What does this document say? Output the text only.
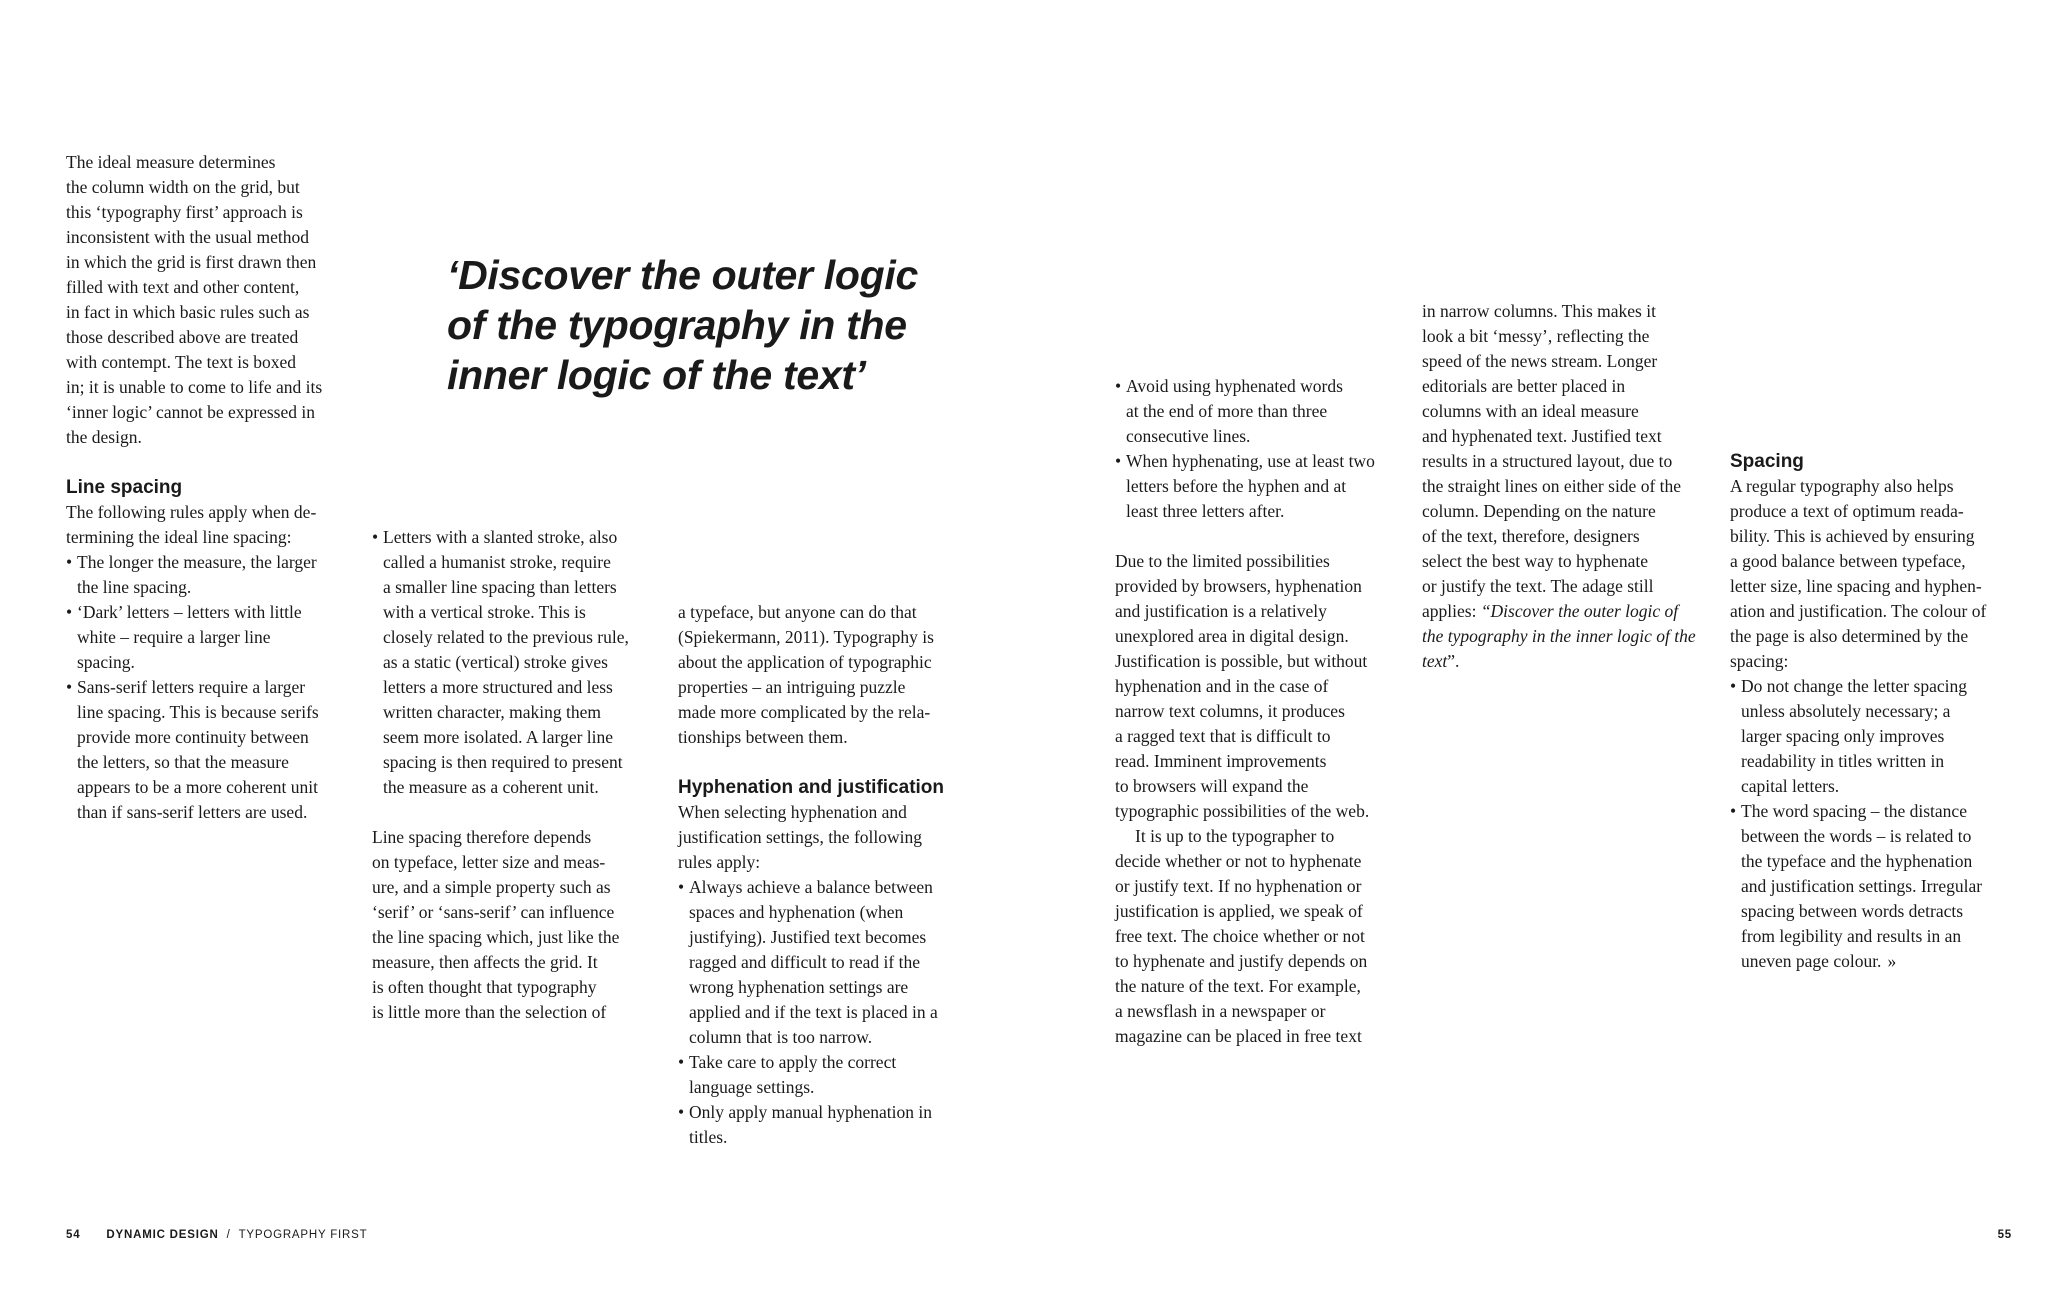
The ideal measure determines
the column width on the grid, but
this ‘typography first’ approach is
inconsistent with the usual method
in which the grid is first drawn then
filled with text and other content,
in fact in which basic rules such as
those described above are treated
with contempt. The text is boxed
in; it is unable to come to life and its
‘inner logic’ cannot be expressed in
the design.

Line spacing

The following rules apply when de-
termining the ideal line spacing:

• The longer the measure, the larger
the line spacing.
• ‘Dark’ letters – letters with little
white – require a larger line
spacing.
• Sans-serif letters require a larger
line spacing. This is because serifs
provide more continuity between
the letters, so that the measure
appears to be a more coherent unit
than if sans-serif letters are used.
‘Discover the outer logic
of the typography in the
inner logic of the text’
• Letters with a slanted stroke, also
called a humanist stroke, require
a smaller line spacing than letters
with a vertical stroke. This is
closely related to the previous rule,
as a static (vertical) stroke gives
letters a more structured and less
written character, making them
seem more isolated. A larger line
spacing is then required to present
the measure as a coherent unit.

Line spacing therefore depends
on typeface, letter size and meas-
ure, and a simple property such as
‘serif’ or ‘sans-serif’ can influence
the line spacing which, just like the
measure, then affects the grid. It
is often thought that typography
is little more than the selection of

a typeface, but anyone can do that
(Spiekermann, 2011). Typography is
about the application of typographic
properties – an intriguing puzzle
made more complicated by the rela-
tionships between them.

Hyphenation and justification

When selecting hyphenation and
justification settings, the following
rules apply:

• Always achieve a balance between
spaces and hyphenation (when
justifying). Justified text becomes
ragged and difficult to read if the
wrong hyphenation settings are
applied and if the text is placed in a
column that is too narrow.
• Take care to apply the correct
language settings.
• Only apply manual hyphenation in
titles.
• Avoid using hyphenated words
at the end of more than three
consecutive lines.
• When hyphenating, use at least two
letters before the hyphen and at
least three letters after.

Due to the limited possibilities
provided by browsers, hyphenation
and justification is a relatively
unexplored area in digital design.
Justification is possible, but without
hyphenation and in the case of
narrow text columns, it produces
a ragged text that is difficult to
read. Imminent improvements
to browsers will expand the
typographic possibilities of the web.

It is up to the typographer to
decide whether or not to hyphenate
or justify text. If no hyphenation or
justification is applied, we speak of
free text. The choice whether or not
to hyphenate and justify depends on
the nature of the text. For example,
a newsflash in a newspaper or
magazine can be placed in free text

in narrow columns. This makes it
look a bit ‘messy’, reflecting the
speed of the news stream. Longer
editorials are better placed in
columns with an ideal measure
and hyphenated text. Justified text
results in a structured layout, due to
the straight lines on either side of the
column. Depending on the nature
of the text, therefore, designers
select the best way to hyphenate
or justify the text. The adage still
applies: “Discover the outer logic of
the typography in the inner logic of the
text”.

Spacing

A regular typography also helps
produce a text of optimum reada-
bility. This is achieved by ensuring
a good balance between typeface,
letter size, line spacing and hyphen-
ation and justification. The colour of
the page is also determined by the
spacing:

• Do not change the letter spacing
unless absolutely necessary; a
larger spacing only improves
readability in titles written in
capital letters.
• The word spacing – the distance
between the words – is related to
the typeface and the hyphenation
and justification settings. Irregular
spacing between words detracts
from legibility and results in an
uneven page colour. »
54 DYNAMIC DESIGN / TYPOGRAPHY FIRST	55
